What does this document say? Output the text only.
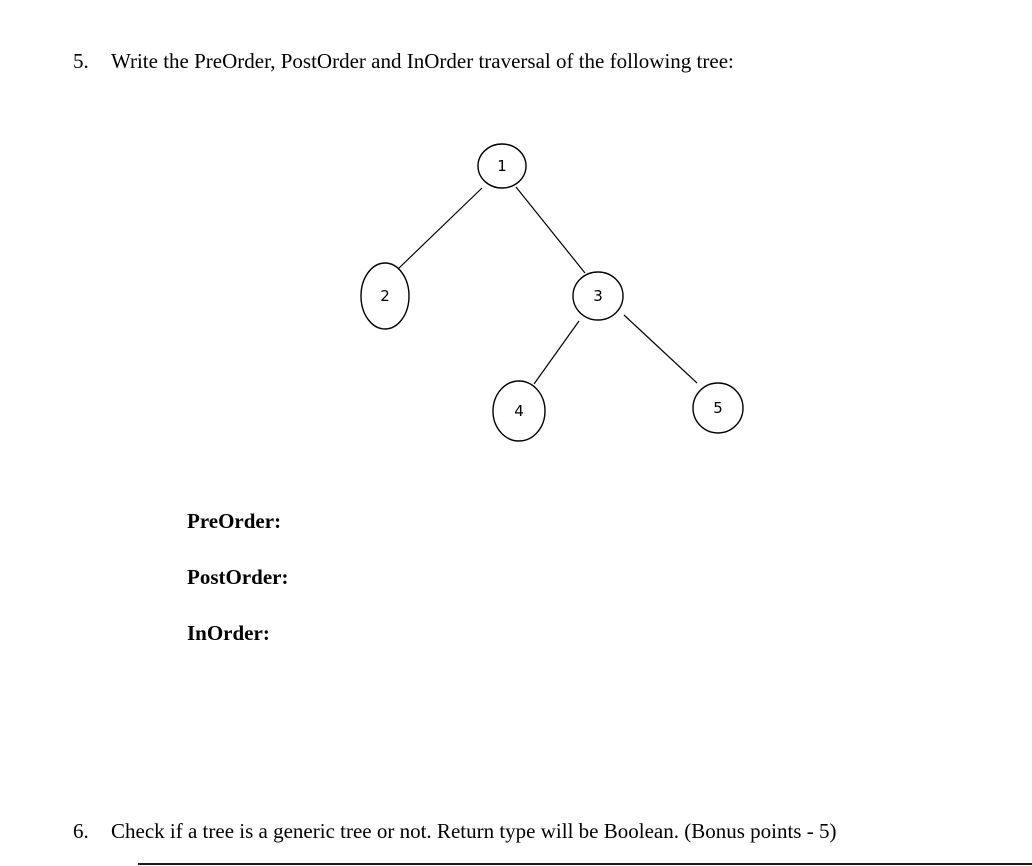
5. Write the PreOrder, PostOrder and InOrder traversal of the following tree:
1
2	3
4	5
PreOrder:
PostOrder:
InOrder:
6. Check if a tree is a generic tree or not. Return type will be Boolean. (Bonus points - 5)
